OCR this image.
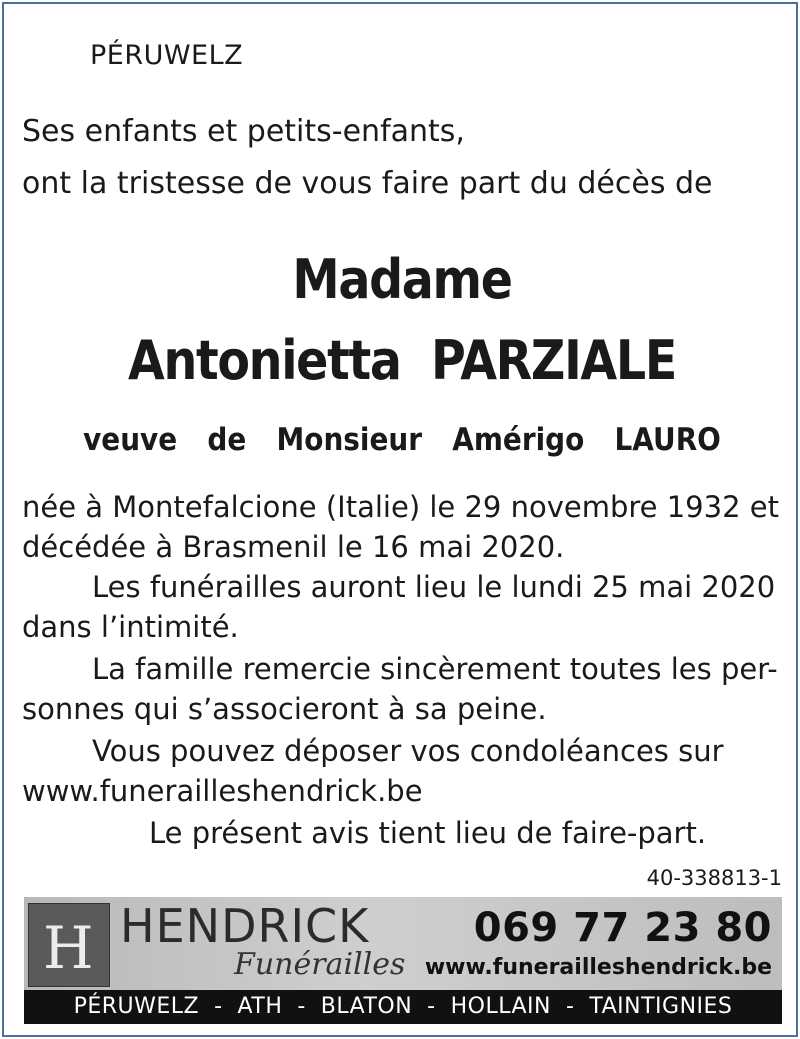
PÉRUWELZ
Ses enfants et petits-enfants,
ont la tristesse de vous faire part du décès de
Madame
Antonietta  PARZIALE
veuve  de  Monsieur  Amérigo  LAURO
née à Montefalcione (Italie) le 29 novembre 1932 et décédée à Brasmenil le 16 mai 2020.
Les funérailles auront lieu le lundi 25 mai 2020 dans l’intimité.
La famille remercie sincèrement toutes les per-sonnes qui s’associeront à sa peine.
Vous pouvez déposer vos condoléances sur www.funerailleshendrick.be
Le présent avis tient lieu de faire-part.
40-338813-1
H HENDRICK
Funérailles
069 77 23 80
www.funerailleshendrick.be
PÉRUWELZ  -  ATH  -  BLATON  -  HOLLAIN  -  TAINTIGNIES
